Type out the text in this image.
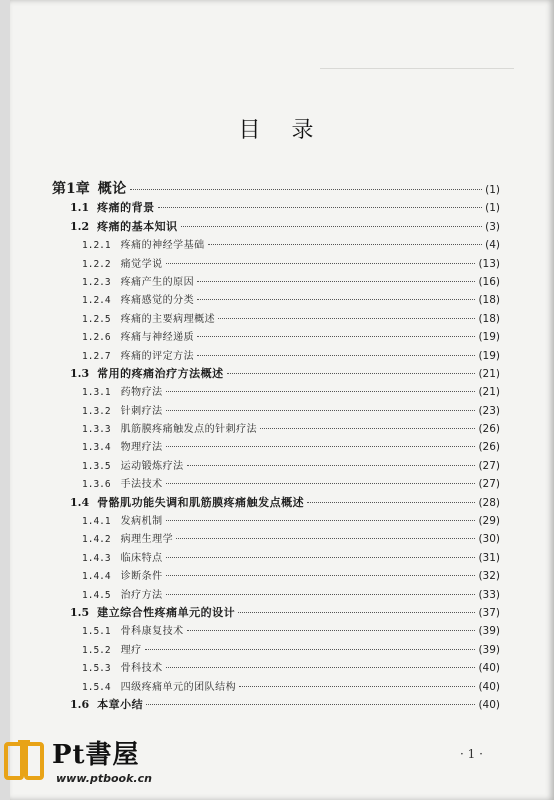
目 录
第1章 概论	(1)
1.1 疼痛的背景	(1)
1.2 疼痛的基本知识	(3)
1.2.1 疼痛的神经学基础	(4)
1.2.2 痛觉学说	(13)
1.2.3 疼痛产生的原因	(16)
1.2.4 疼痛感觉的分类	(18)
1.2.5 疼痛的主要病理概述	(18)
1.2.6 疼痛与神经递质	(19)
1.2.7 疼痛的评定方法	(19)
1.3 常用的疼痛治疗方法概述	(21)
1.3.1 药物疗法	(21)
1.3.2 针刺疗法	(23)
1.3.3 肌筋膜疼痛触发点的针刺疗法	(26)
1.3.4 物理疗法	(26)
1.3.5 运动锻炼疗法	(27)
1.3.6 手法技术	(27)
1.4 骨骼肌功能失调和肌筋膜疼痛触发点概述	(28)
1.4.1 发病机制	(29)
1.4.2 病理生理学	(30)
1.4.3 临床特点	(31)
1.4.4 诊断条件	(32)
1.4.5 治疗方法	(33)
1.5 建立综合性疼痛单元的设计	(37)
1.5.1 骨科康复技术	(39)
1.5.2 理疗	(39)
1.5.3 骨科技术	(40)
1.5.4 四级疼痛单元的团队结构	(40)
1.6 本章小结	(40)
· 1 ·
Pt書屋
www.ptbook.cn
